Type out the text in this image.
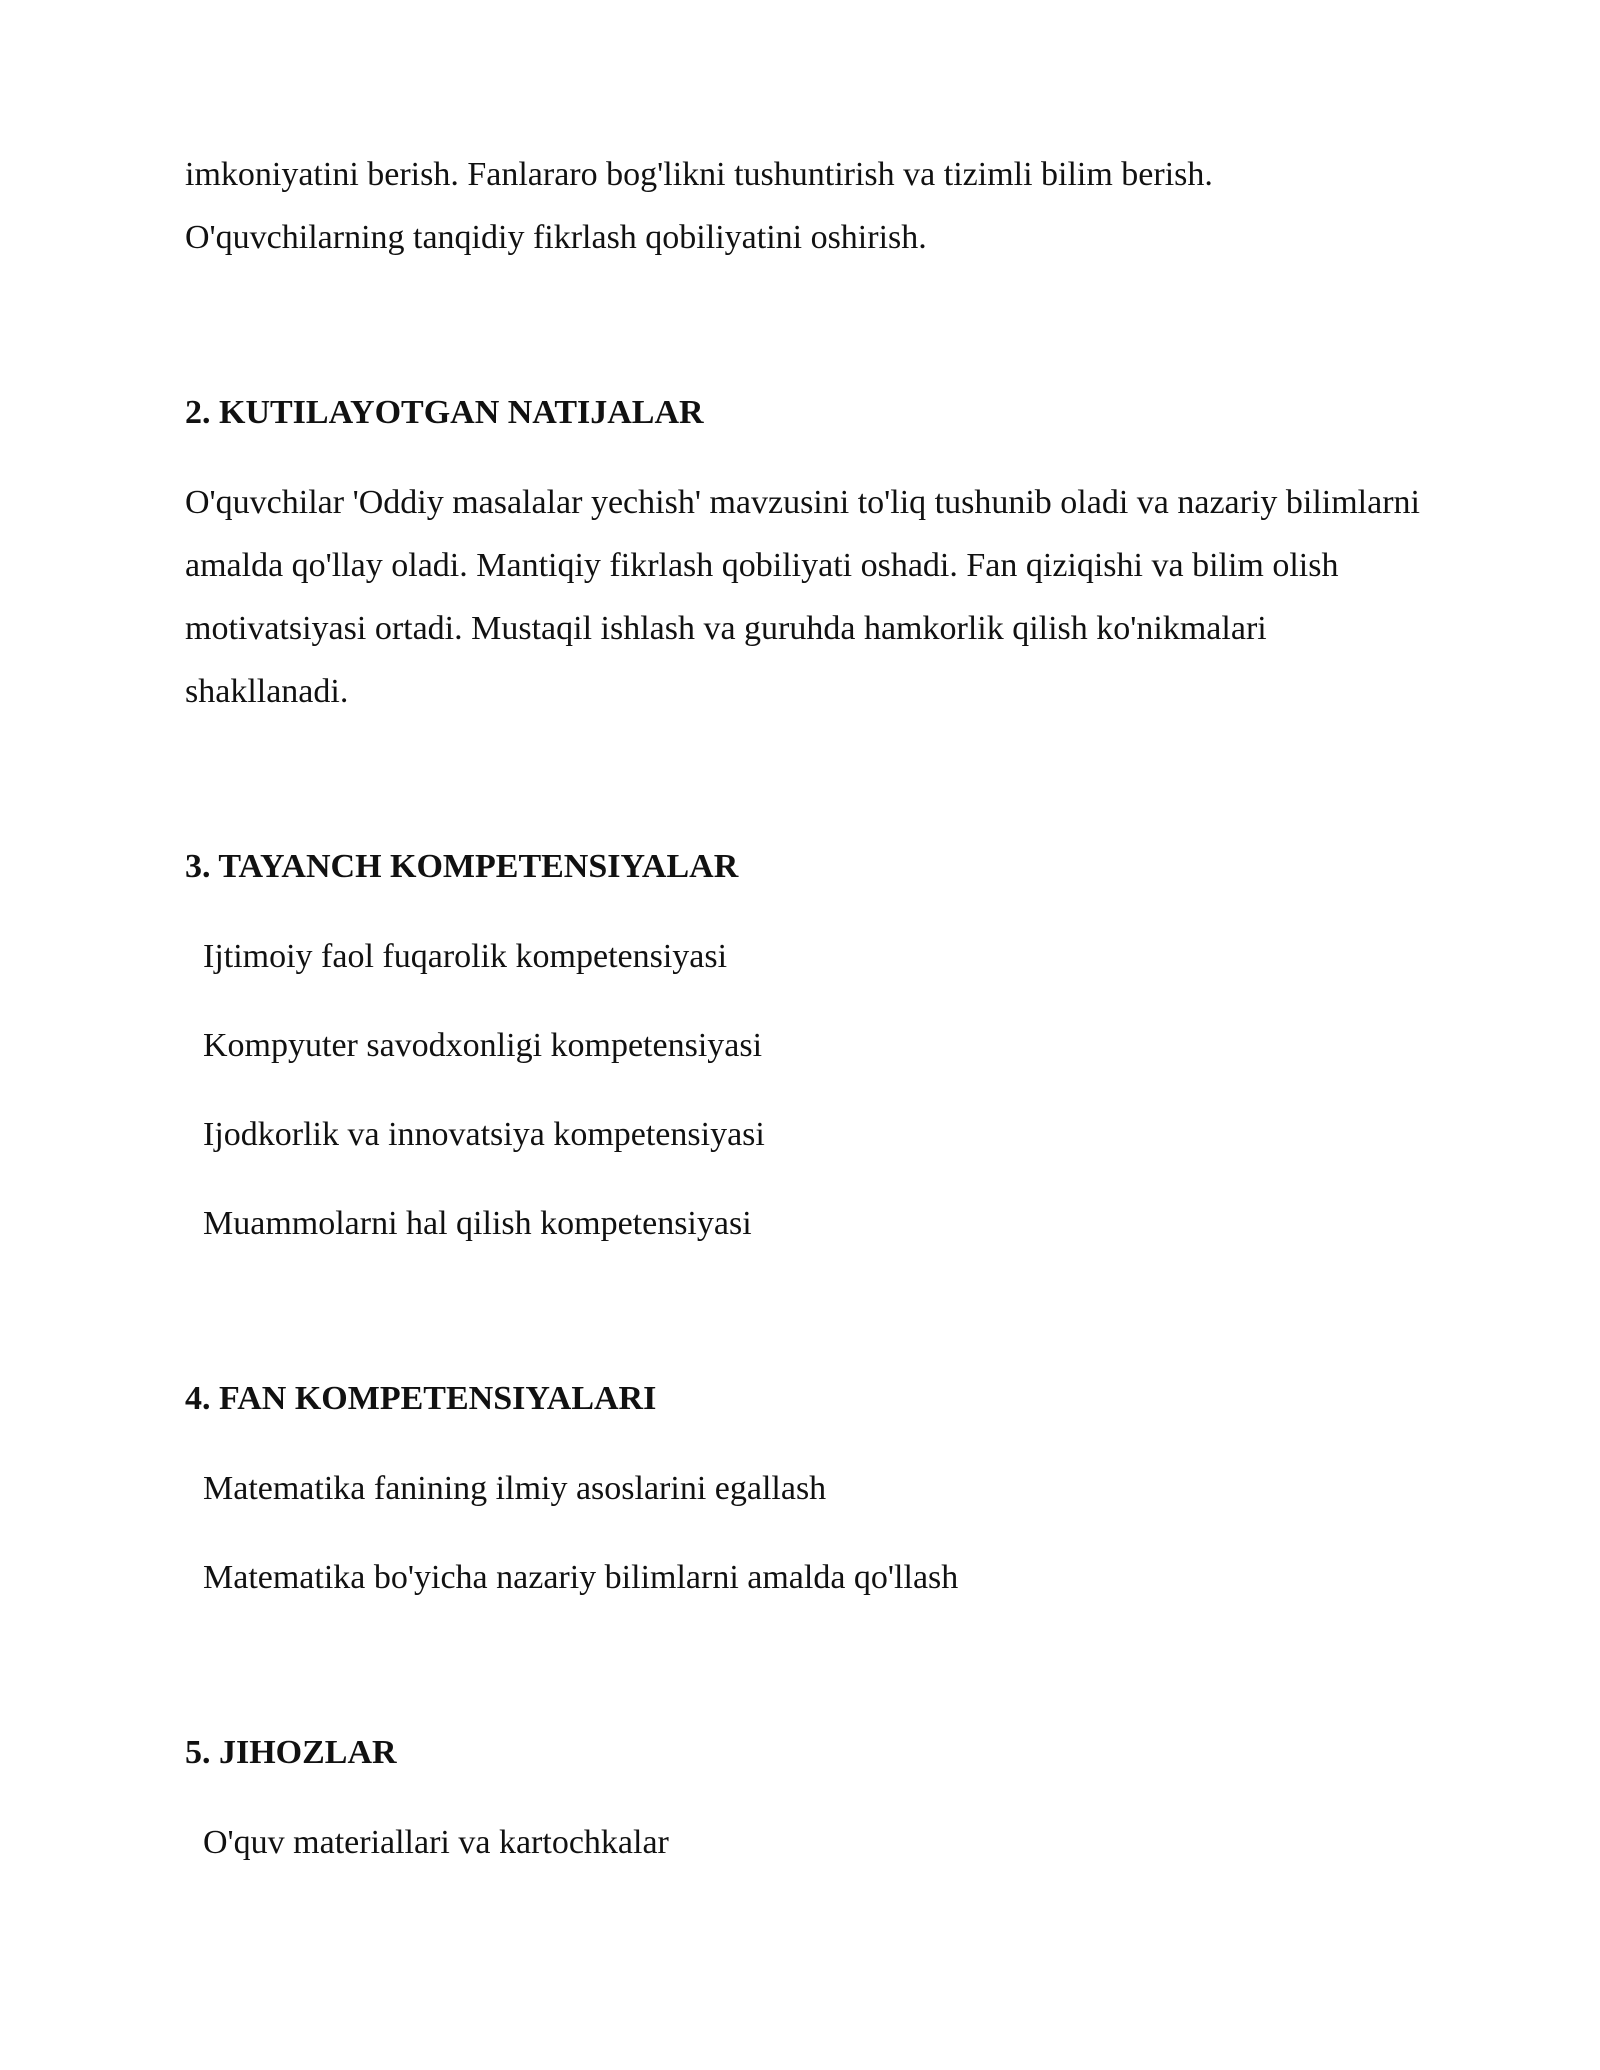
imkoniyatini berish. Fanlararo bog'likni tushuntirish va tizimli bilim berish.

O'quvchilarning tanqidiy fikrlash qobiliyatini oshirish.

2. KUTILAYOTGAN NATIJALAR

O'quvchilar 'Oddiy masalalar yechish' mavzusini to'liq tushunib oladi va nazariy bilimlarni amalda qo'llay oladi. Mantiqiy fikrlash qobiliyati oshadi. Fan qiziqishi va bilim olish motivatsiyasi ortadi. Mustaqil ishlash va guruhda hamkorlik qilish ko'nikmalari shakllanadi.

3. TAYANCH KOMPETENSIYALAR
Ijtimoiy faol fuqarolik kompetensiyasi
Kompyuter savodxonligi kompetensiyasi
Ijodkorlik va innovatsiya kompetensiyasi
Muammolarni hal qilish kompetensiyasi
4. FAN KOMPETENSIYALARI
Matematika fanining ilmiy asoslarini egallash
Matematika bo'yicha nazariy bilimlarni amalda qo'llash
5. JIHOZLAR
O'quv materiallari va kartochkalar
